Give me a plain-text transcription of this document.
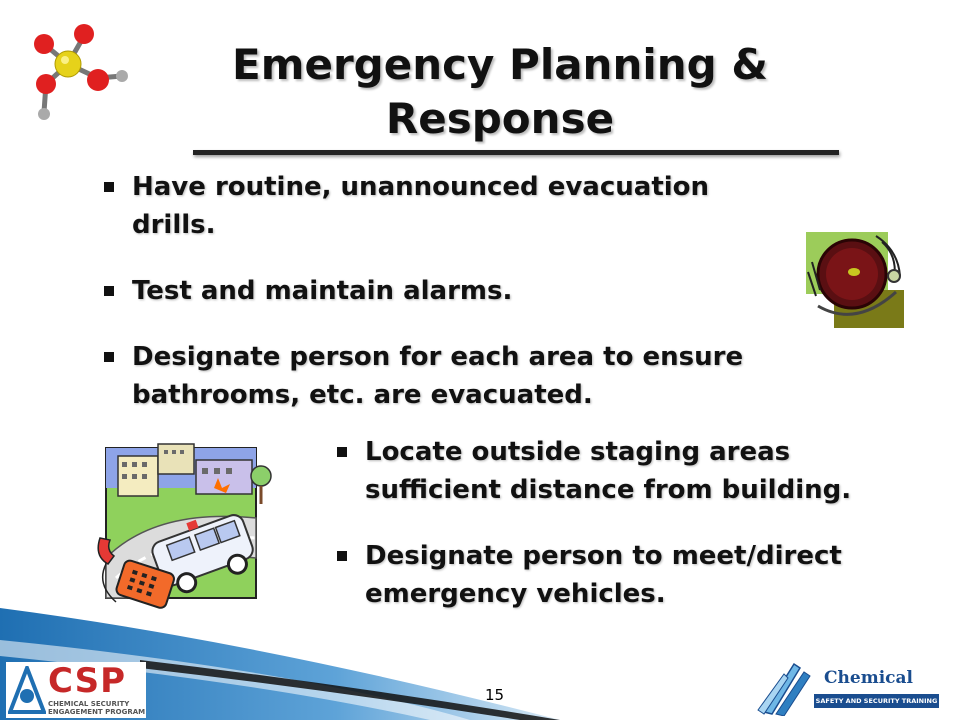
Emergency Planning & Response
Have routine, unannounced evacuation drills.
Test and maintain alarms.
Designate person for each area to ensure bathrooms, etc. are evacuated.
Locate outside staging areas sufficient distance from building.
Designate person to meet/direct emergency vehicles.
CSP
CHEMICAL SECURITY
ENGAGEMENT PROGRAM
15
Chemical
SAFETY AND SECURITY TRAINING
